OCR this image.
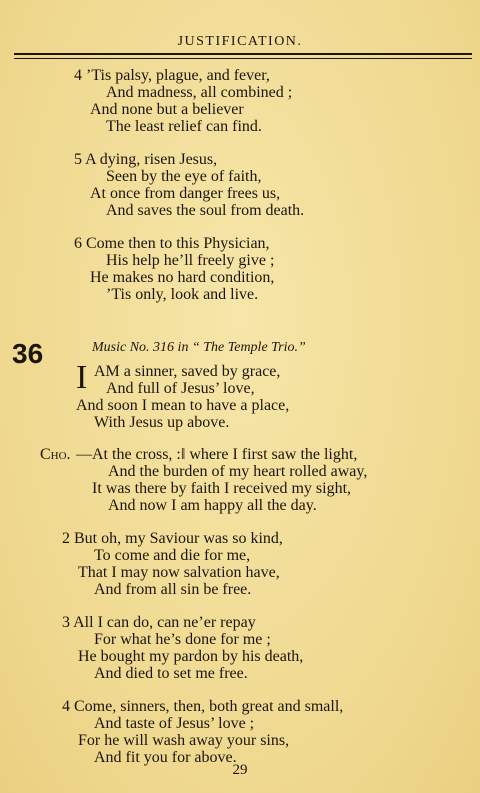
JUSTIFICATION.
4 ’Tis palsy, plague, and fever,
And madness, all combined ;
And none but a believer
The least relief can find.
5 A dying, risen Jesus,
Seen by the eye of faith,
At once from danger frees us,
And saves the soul from death.
6 Come then to this Physician,
His help he’ll freely give ;
He makes no hard condition,
’Tis only, look and live.
36	Music No. 316 in “ The Temple Trio.”
I AM a sinner, saved by grace,
And full of Jesus’ love,
And soon I mean to have a place,
With Jesus up above.
Cho. —At the cross, :‖ where I first saw the light,
And the burden of my heart rolled away,
It was there by faith I received my sight,
And now I am happy all the day.
2 But oh, my Saviour was so kind,
To come and die for me,
That I may now salvation have,
And from all sin be free.
3 All I can do, can ne’er repay
For what he’s done for me ;
He bought my pardon by his death,
And died to set me free.
4 Come, sinners, then, both great and small,
And taste of Jesus’ love ;
For he will wash away your sins,
And fit you for above.
29
